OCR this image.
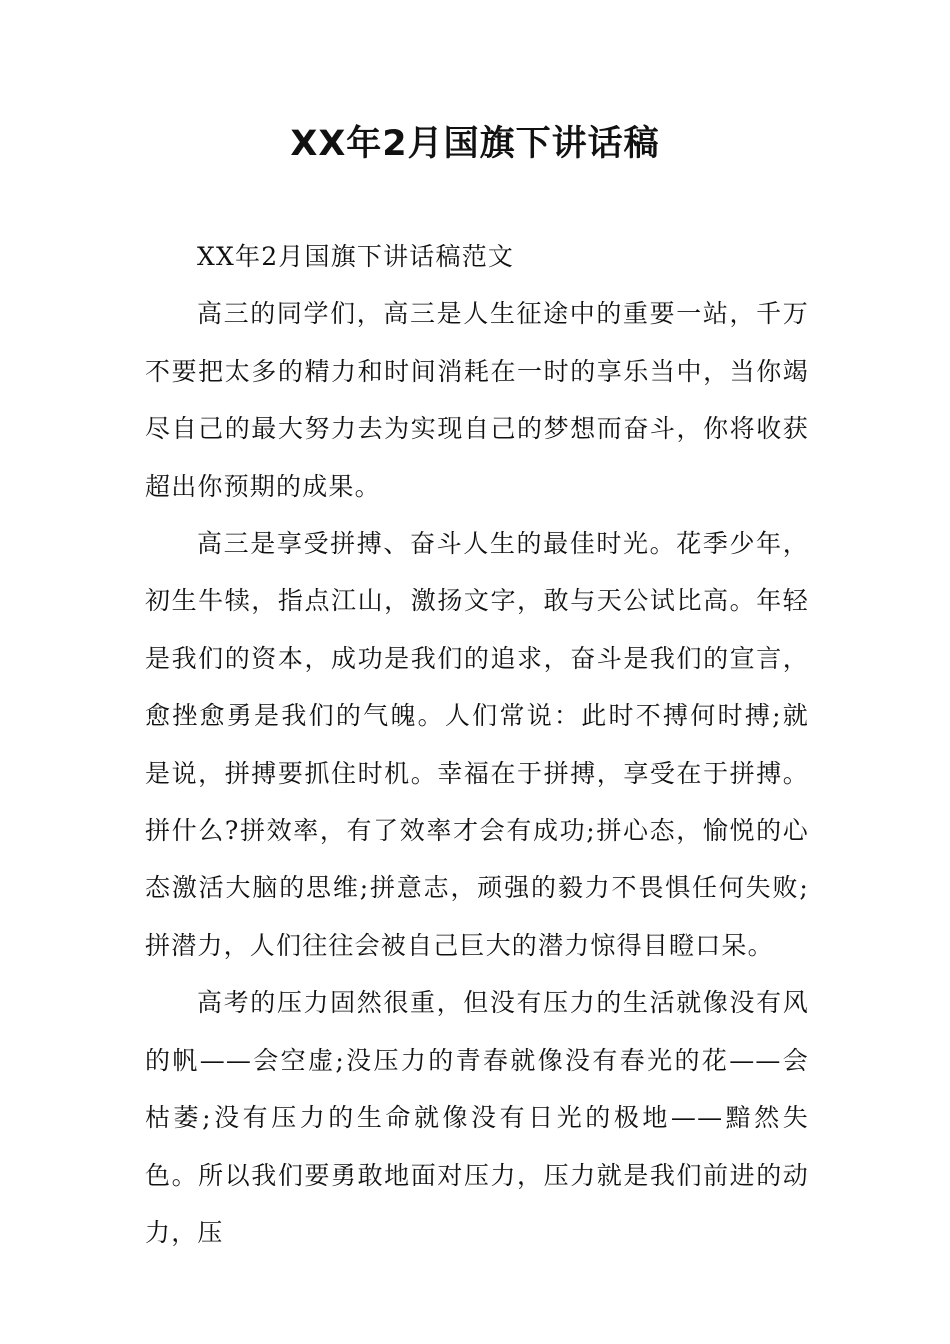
XX年2月国旗下讲话稿

XX年2月国旗下讲话稿范文

高三的同学们，高三是人生征途中的重要一站，千万不要把太多的精力和时间消耗在一时的享乐当中，当你竭尽自己的最大努力去为实现自己的梦想而奋斗，你将收获超出你预期的成果。

高三是享受拼搏、奋斗人生的最佳时光。花季少年，初生牛犊，指点江山，激扬文字，敢与天公试比高。年轻是我们的资本，成功是我们的追求，奋斗是我们的宣言，愈挫愈勇是我们的气魄。人们常说：此时不搏何时搏;就是说，拼搏要抓住时机。幸福在于拼搏，享受在于拼搏。拼什么?拼效率，有了效率才会有成功;拼心态，愉悦的心态激活大脑的思维;拼意志，顽强的毅力不畏惧任何失败;拼潜力，人们往往会被自己巨大的潜力惊得目瞪口呆。

高考的压力固然很重，但没有压力的生活就像没有风的帆——会空虚;没压力的青春就像没有春光的花——会枯萎;没有压力的生命就像没有日光的极地——黯然失色。所以我们要勇敢地面对压力，压力就是我们前进的动力，压
